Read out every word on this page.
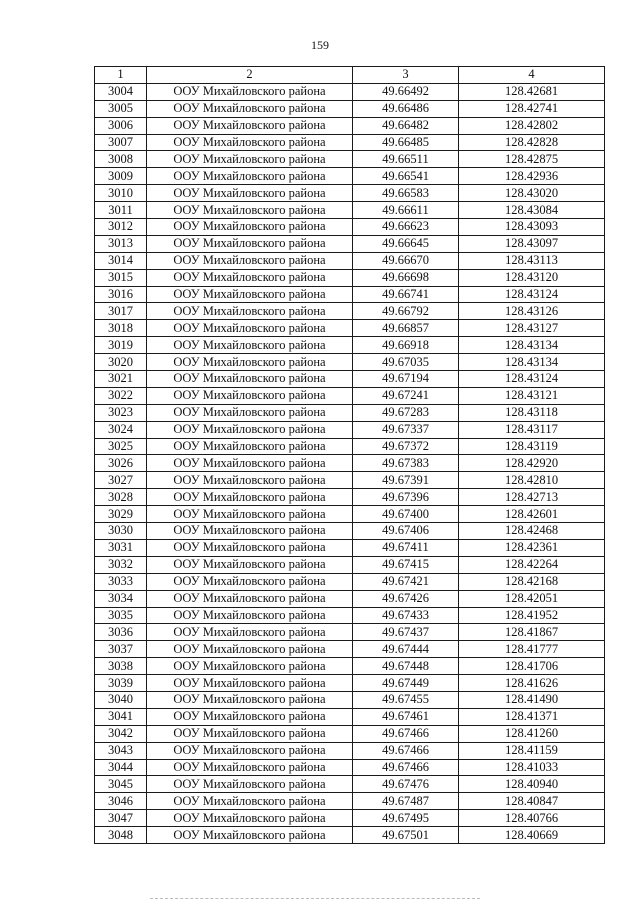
159
1	2	3	4
3004	ООУ Михайловского района	49.66492	128.42681
3005	ООУ Михайловского района	49.66486	128.42741
3006	ООУ Михайловского района	49.66482	128.42802
3007	ООУ Михайловского района	49.66485	128.42828
3008	ООУ Михайловского района	49.66511	128.42875
3009	ООУ Михайловского района	49.66541	128.42936
3010	ООУ Михайловского района	49.66583	128.43020
3011	ООУ Михайловского района	49.66611	128.43084
3012	ООУ Михайловского района	49.66623	128.43093
3013	ООУ Михайловского района	49.66645	128.43097
3014	ООУ Михайловского района	49.66670	128.43113
3015	ООУ Михайловского района	49.66698	128.43120
3016	ООУ Михайловского района	49.66741	128.43124
3017	ООУ Михайловского района	49.66792	128.43126
3018	ООУ Михайловского района	49.66857	128.43127
3019	ООУ Михайловского района	49.66918	128.43134
3020	ООУ Михайловского района	49.67035	128.43134
3021	ООУ Михайловского района	49.67194	128.43124
3022	ООУ Михайловского района	49.67241	128.43121
3023	ООУ Михайловского района	49.67283	128.43118
3024	ООУ Михайловского района	49.67337	128.43117
3025	ООУ Михайловского района	49.67372	128.43119
3026	ООУ Михайловского района	49.67383	128.42920
3027	ООУ Михайловского района	49.67391	128.42810
3028	ООУ Михайловского района	49.67396	128.42713
3029	ООУ Михайловского района	49.67400	128.42601
3030	ООУ Михайловского района	49.67406	128.42468
3031	ООУ Михайловского района	49.67411	128.42361
3032	ООУ Михайловского района	49.67415	128.42264
3033	ООУ Михайловского района	49.67421	128.42168
3034	ООУ Михайловского района	49.67426	128.42051
3035	ООУ Михайловского района	49.67433	128.41952
3036	ООУ Михайловского района	49.67437	128.41867
3037	ООУ Михайловского района	49.67444	128.41777
3038	ООУ Михайловского района	49.67448	128.41706
3039	ООУ Михайловского района	49.67449	128.41626
3040	ООУ Михайловского района	49.67455	128.41490
3041	ООУ Михайловского района	49.67461	128.41371
3042	ООУ Михайловского района	49.67466	128.41260
3043	ООУ Михайловского района	49.67466	128.41159
3044	ООУ Михайловского района	49.67466	128.41033
3045	ООУ Михайловского района	49.67476	128.40940
3046	ООУ Михайловского района	49.67487	128.40847
3047	ООУ Михайловского района	49.67495	128.40766
3048	ООУ Михайловского района	49.67501	128.40669
